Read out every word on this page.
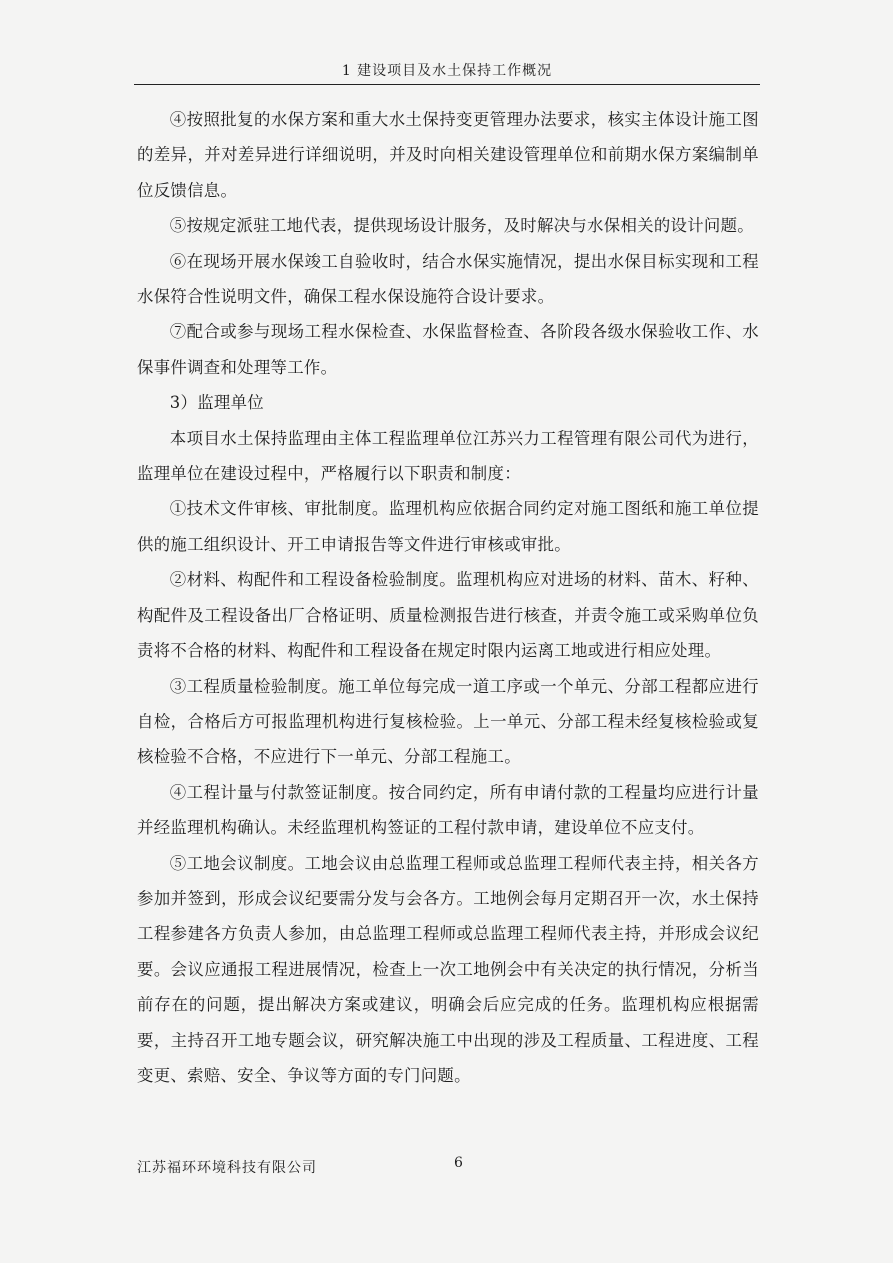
1 建设项目及水土保持工作概况

④按照批复的水保方案和重大水土保持变更管理办法要求，核实主体设计施工图的差异，并对差异进行详细说明，并及时向相关建设管理单位和前期水保方案编制单位反馈信息。

⑤按规定派驻工地代表，提供现场设计服务，及时解决与水保相关的设计问题。

⑥在现场开展水保竣工自验收时，结合水保实施情况，提出水保目标实现和工程水保符合性说明文件，确保工程水保设施符合设计要求。

⑦配合或参与现场工程水保检查、水保监督检查、各阶段各级水保验收工作、水保事件调查和处理等工作。

3）监理单位

本项目水土保持监理由主体工程监理单位江苏兴力工程管理有限公司代为进行，监理单位在建设过程中，严格履行以下职责和制度：

①技术文件审核、审批制度。监理机构应依据合同约定对施工图纸和施工单位提供的施工组织设计、开工申请报告等文件进行审核或审批。

②材料、构配件和工程设备检验制度。监理机构应对进场的材料、苗木、籽种、构配件及工程设备出厂合格证明、质量检测报告进行核查，并责令施工或采购单位负责将不合格的材料、构配件和工程设备在规定时限内运离工地或进行相应处理。

③工程质量检验制度。施工单位每完成一道工序或一个单元、分部工程都应进行自检，合格后方可报监理机构进行复核检验。上一单元、分部工程未经复核检验或复核检验不合格，不应进行下一单元、分部工程施工。

④工程计量与付款签证制度。按合同约定，所有申请付款的工程量均应进行计量并经监理机构确认。未经监理机构签证的工程付款申请，建设单位不应支付。

⑤工地会议制度。工地会议由总监理工程师或总监理工程师代表主持，相关各方参加并签到，形成会议纪要需分发与会各方。工地例会每月定期召开一次，水土保持工程参建各方负责人参加，由总监理工程师或总监理工程师代表主持，并形成会议纪要。会议应通报工程进展情况，检查上一次工地例会中有关决定的执行情况，分析当前存在的问题，提出解决方案或建议，明确会后应完成的任务。监理机构应根据需要，主持召开工地专题会议，研究解决施工中出现的涉及工程质量、工程进度、工程变更、索赔、安全、争议等方面的专门问题。

江苏福环环境科技有限公司	6
